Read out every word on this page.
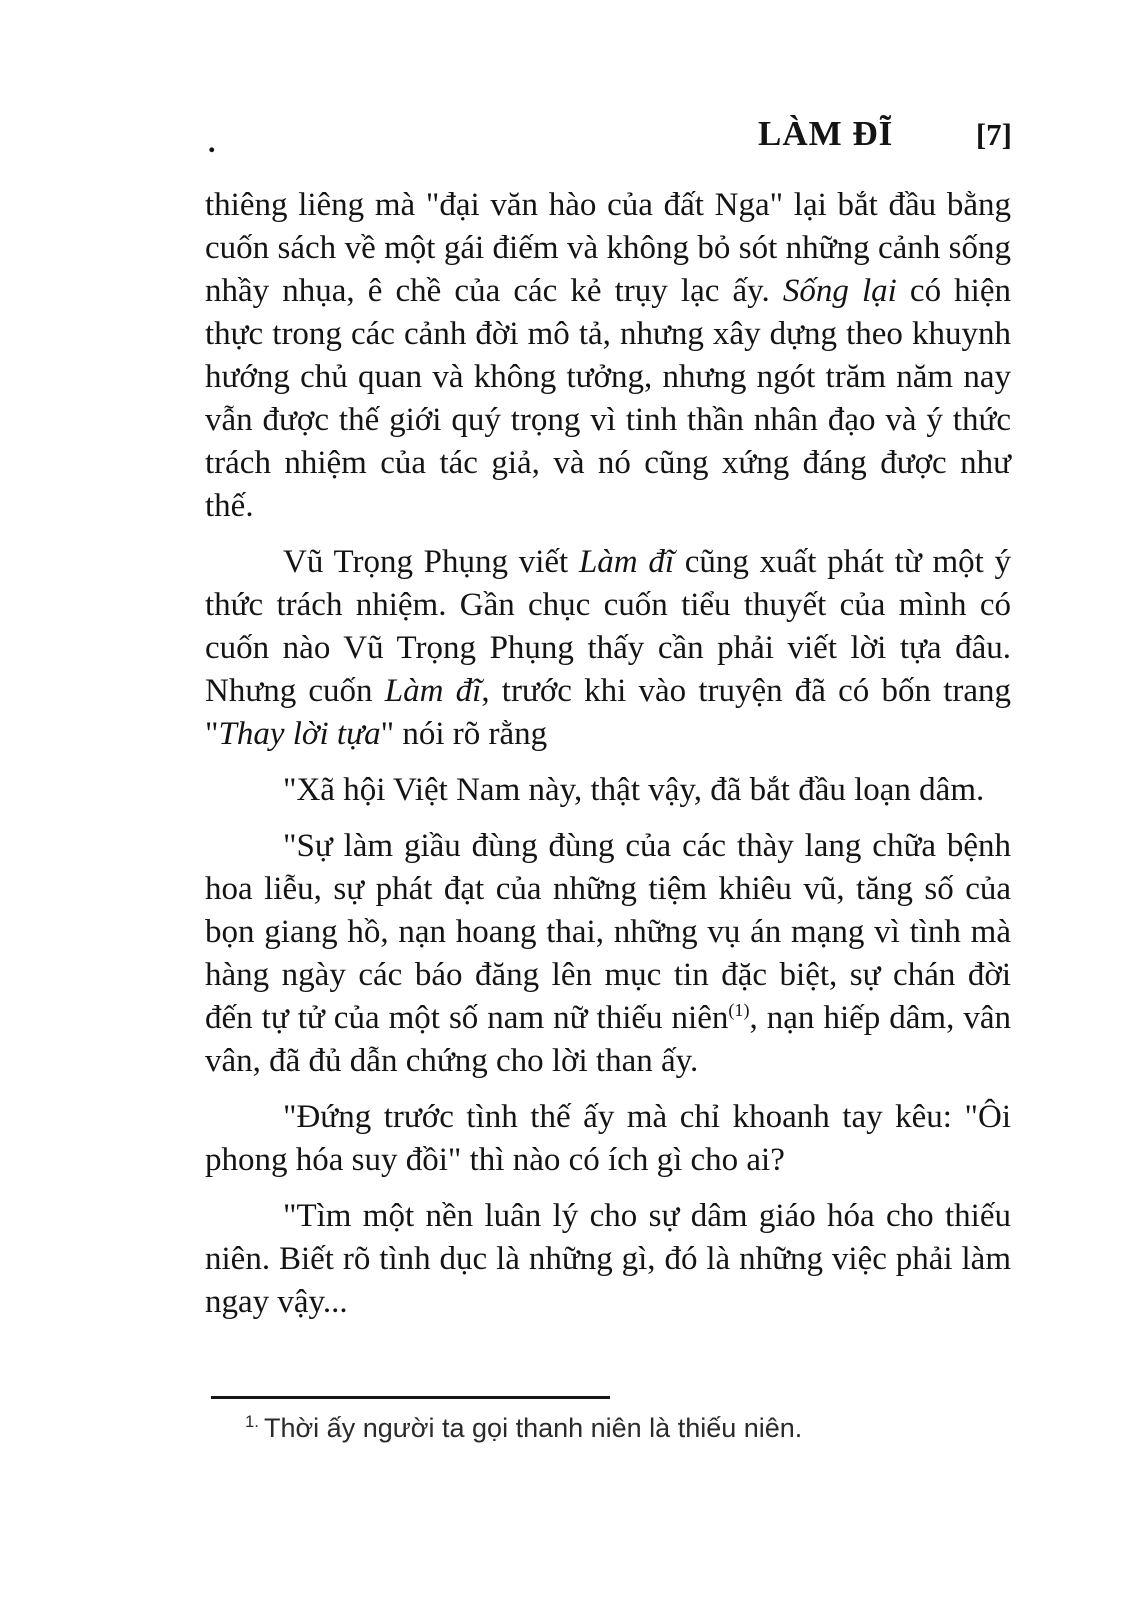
.	LÀM ĐĨ	[7]

thiêng liêng mà "đại văn hào của đất Nga" lại bắt đầu bằng cuốn sách về một gái điếm và không bỏ sót những cảnh sống nhầy nhụa, ê chề của các kẻ trụy lạc ấy. Sống lại có hiện thực trong các cảnh đời mô tả, nhưng xây dựng theo khuynh hướng chủ quan và không tưởng, nhưng ngót trăm năm nay vẫn được thế giới quý trọng vì tinh thần nhân đạo và ý thức trách nhiệm của tác giả, và nó cũng xứng đáng được như thế.

Vũ Trọng Phụng viết Làm đĩ cũng xuất phát từ một ý thức trách nhiệm. Gần chục cuốn tiểu thuyết của mình có cuốn nào Vũ Trọng Phụng thấy cần phải viết lời tựa đâu. Nhưng cuốn Làm đĩ, trước khi vào truyện đã có bốn trang "Thay lời tựa" nói rõ rằng

"Xã hội Việt Nam này, thật vậy, đã bắt đầu loạn dâm.

"Sự làm giầu đùng đùng của các thày lang chữa bệnh hoa liễu, sự phát đạt của những tiệm khiêu vũ, tăng số của bọn giang hồ, nạn hoang thai, những vụ án mạng vì tình mà hàng ngày các báo đăng lên mục tin đặc biệt, sự chán đời đến tự tử của một số nam nữ thiếu niên$^{(1)}$, nạn hiếp dâm, vân vân, đã đủ dẫn chứng cho lời than ấy.

"Đứng trước tình thế ấy mà chỉ khoanh tay kêu: "Ôi phong hóa suy đồi" thì nào có ích gì cho ai?

"Tìm một nền luân lý cho sự dâm giáo hóa cho thiếu niên. Biết rõ tình dục là những gì, đó là những việc phải làm ngay vậy...

$^{1.}$ Thời ấy người ta gọi thanh niên là thiếu niên.
